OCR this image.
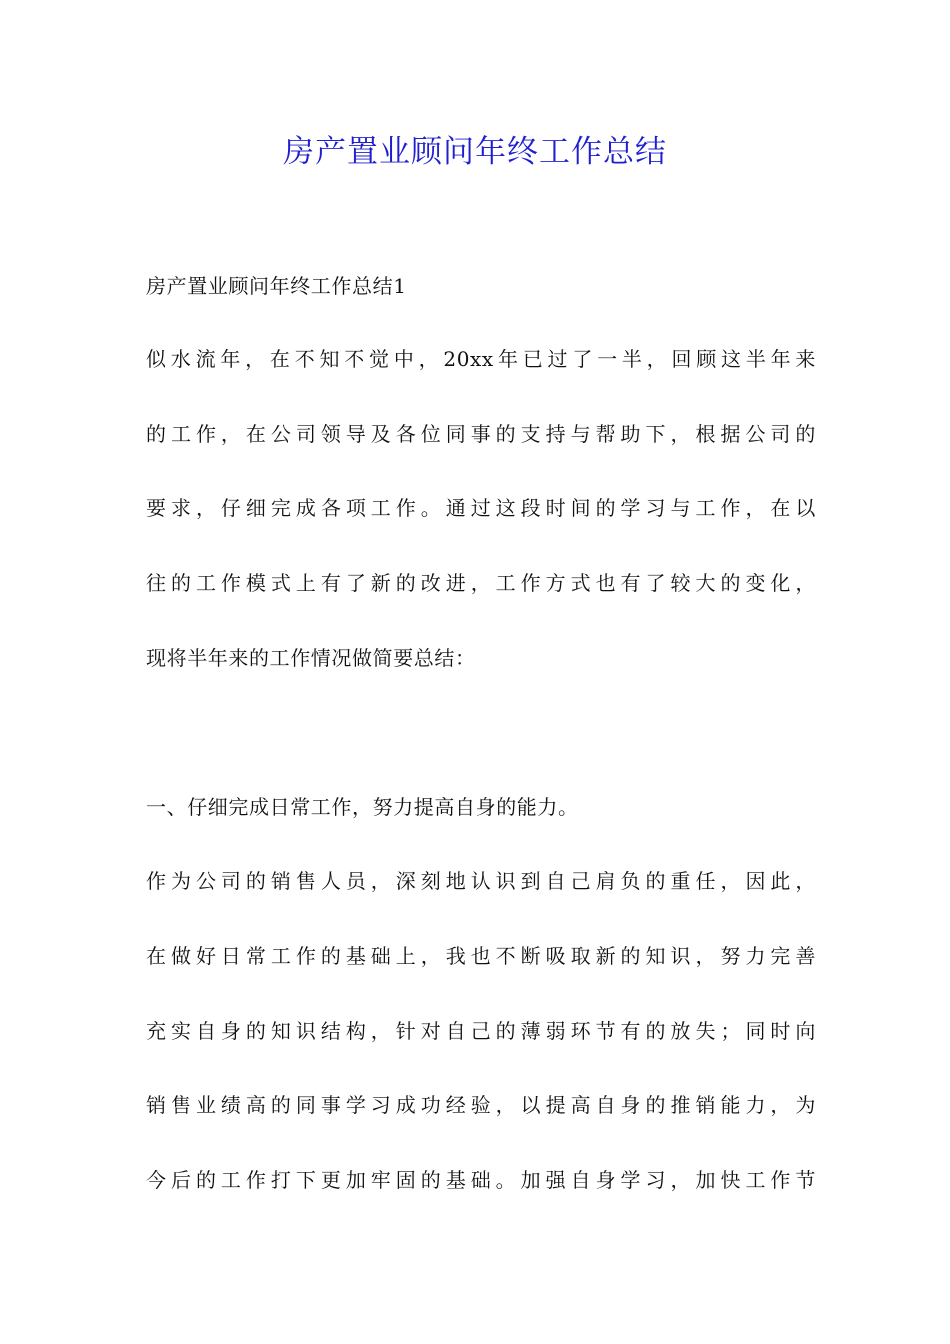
房产置业顾问年终工作总结

房产置业顾问年终工作总结1

似水流年，在不知不觉中，20xx年已过了一半，回顾这半年来

的工作，在公司领导及各位同事的支持与帮助下，根据公司的

要求，仔细完成各项工作。通过这段时间的学习与工作，在以

往的工作模式上有了新的改进，工作方式也有了较大的变化，

现将半年来的工作情况做简要总结：

一、仔细完成日常工作，努力提高自身的能力。

作为公司的销售人员，深刻地认识到自己肩负的重任，因此，

在做好日常工作的基础上，我也不断吸取新的知识，努力完善

充实自身的知识结构，针对自己的薄弱环节有的放失；同时向

销售业绩高的同事学习成功经验，以提高自身的推销能力，为

今后的工作打下更加牢固的基础。加强自身学习，加快工作节
